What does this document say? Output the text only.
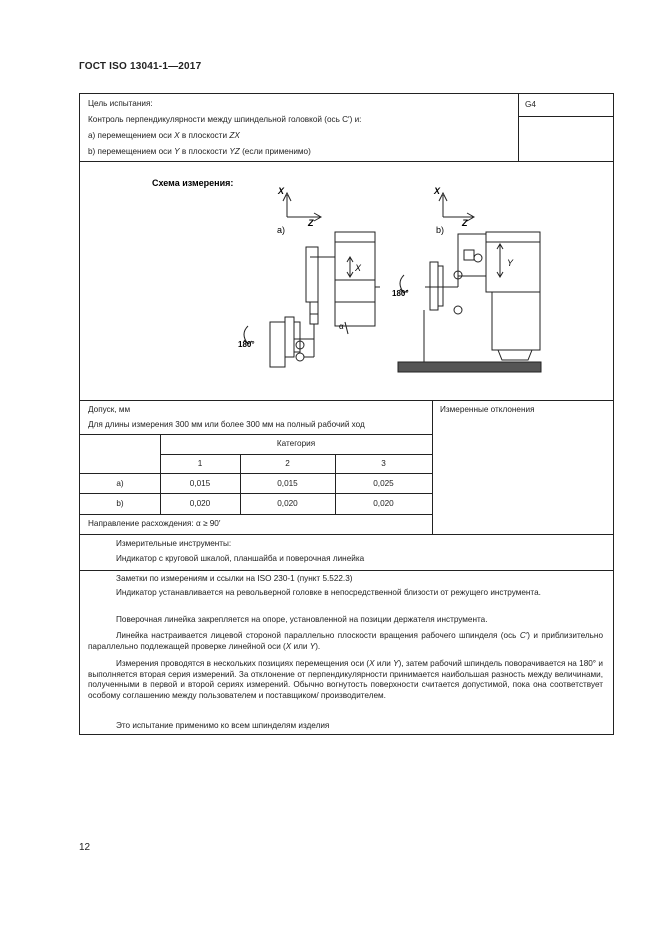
ГОСТ ISO 13041-1—2017
Цель испытания:
Контроль перпендикулярности между шпиндельной головкой (ось C′) и:
a) перемещением оси X в плоскости ZX
b) перемещением оси Y в плоскости YZ (если применимо)
G4
Схема измерения:
X
Z
a)
X
180°
α
X
Z
b)
Y
180°
Допуск, мм
Для длины измерения 300 мм или более 300 мм на полный рабочий ход
Измеренные отклонения
Категория
1	2	3
a)	0,015	0,015	0,025
b)	0,020	0,020	0,020
Направление расхождения: α ≥ 90′
Измерительные инструменты:
Индикатор с круговой шкалой, планшайба и поверочная линейка
Заметки по измерениям и ссылки на ISO 230-1 (пункт 5.522.3)
Индикатор устанавливается на револьверной головке в непосредственной близости от режущего инструмента.
Поверочная линейка закрепляется на опоре, установленной на позиции держателя инструмента.
Линейка настраивается лицевой стороной параллельно плоскости вращения рабочего шпинделя (ось C′) и приблизительно параллельно подлежащей проверке линейной оси (X или Y).
Измерения проводятся в нескольких позициях перемещения оси (X или Y), затем рабочий шпиндель поворачивается на 180° и выполняется вторая серия измерений. За отклонение от перпендикулярности принимается наибольшая разность между величинами, полученными в первой и второй сериях измерений. Обычно вогнутость поверхности считается допустимой, пока она соответствует особому соглашению между пользователем и поставщиком/ производителем.
Это испытание применимо ко всем шпинделям изделия
12
